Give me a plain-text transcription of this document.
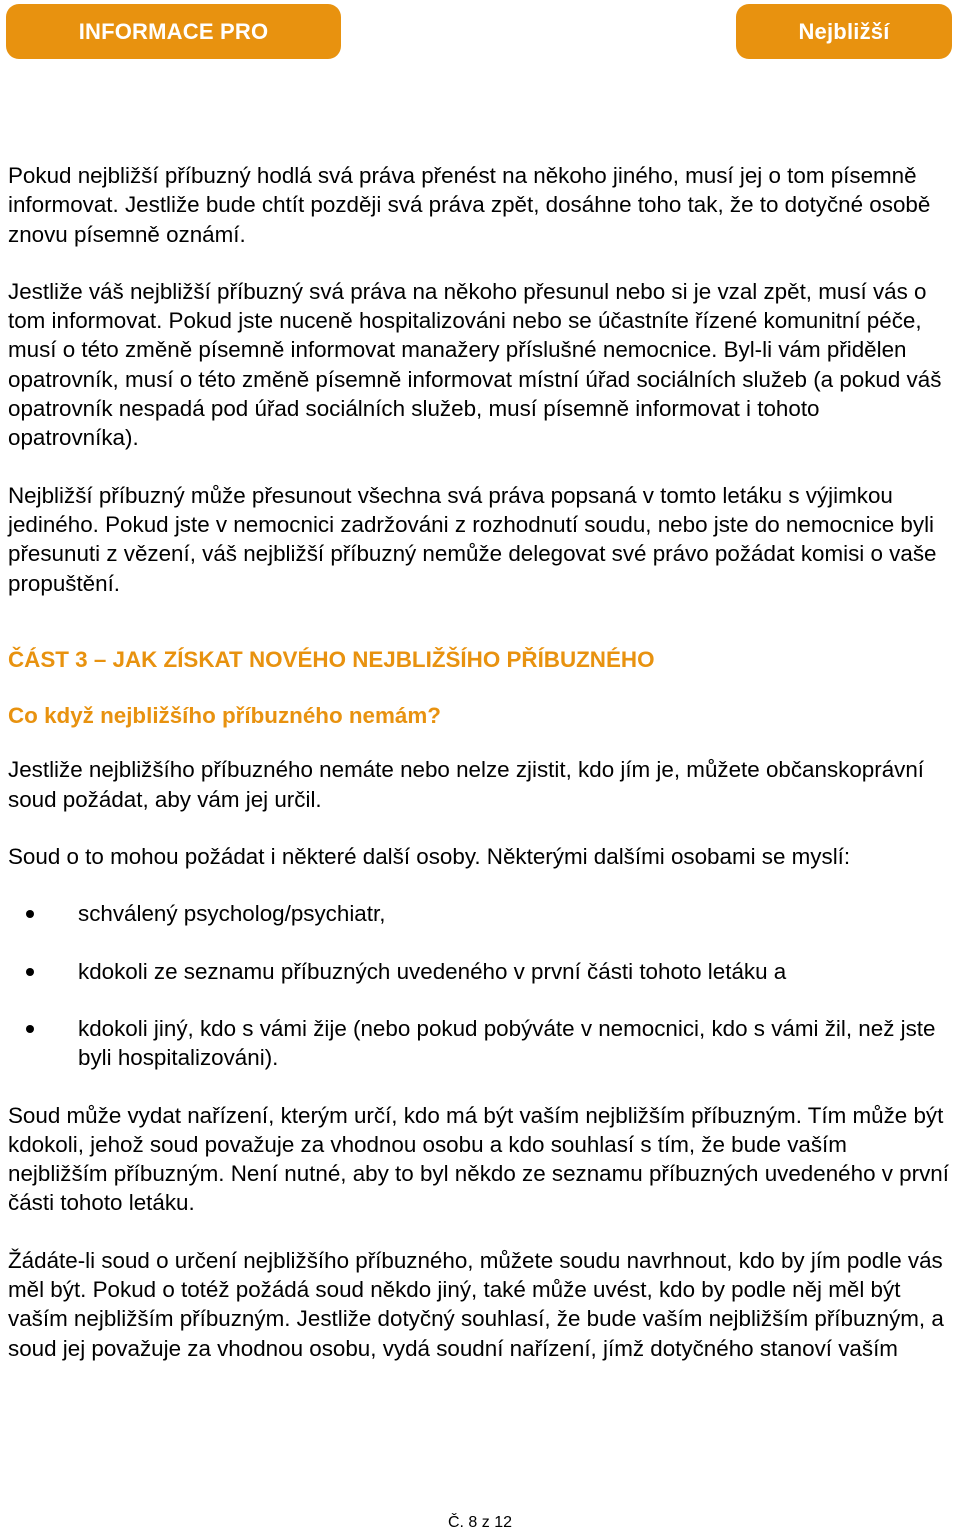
INFORMACE PRO	Nejbližší

Pokud nejbližší příbuzný hodlá svá práva přenést na někoho jiného, musí jej o tom písemně informovat. Jestliže bude chtít později svá práva zpět, dosáhne toho tak, že to dotyčné osobě znovu písemně oznámí.

Jestliže váš nejbližší příbuzný svá práva na někoho přesunul nebo si je vzal zpět, musí vás o tom informovat. Pokud jste nuceně hospitalizováni nebo se účastníte řízené komunitní péče, musí o této změně písemně informovat manažery příslušné nemocnice. Byl-li vám přidělen opatrovník, musí o této změně písemně informovat místní úřad sociálních služeb (a pokud váš opatrovník nespadá pod úřad sociálních služeb, musí písemně informovat i tohoto opatrovníka).

Nejbližší příbuzný může přesunout všechna svá práva popsaná v tomto letáku s výjimkou jediného. Pokud jste v nemocnici zadržováni z rozhodnutí soudu, nebo jste do nemocnice byli přesunuti z vězení, váš nejbližší příbuzný nemůže delegovat své právo požádat komisi o vaše propuštění.

ČÁST 3 – JAK ZÍSKAT NOVÉHO NEJBLIŽŠÍHO PŘÍBUZNÉHO
Co když nejbližšího příbuzného nemám?

Jestliže nejbližšího příbuzného nemáte nebo nelze zjistit, kdo jím je, můžete občanskoprávní soud požádat, aby vám jej určil.

Soud o to mohou požádat i některé další osoby. Některými dalšími osobami se myslí:

schválený psycholog/psychiatr,
kdokoli ze seznamu příbuzných uvedeného v první části tohoto letáku a
kdokoli jiný, kdo s vámi žije (nebo pokud pobýváte v nemocnici, kdo s vámi žil, než jste byli hospitalizováni).

Soud může vydat nařízení, kterým určí, kdo má být vaším nejbližším příbuzným. Tím může být kdokoli, jehož soud považuje za vhodnou osobu a kdo souhlasí s tím, že bude vaším nejbližším příbuzným. Není nutné, aby to byl někdo ze seznamu příbuzných uvedeného v první části tohoto letáku.

Žádáte-li soud o určení nejbližšího příbuzného, můžete soudu navrhnout, kdo by jím podle vás měl být. Pokud o totéž požádá soud někdo jiný, také může uvést, kdo by podle něj měl být vaším nejbližším příbuzným. Jestliže dotyčný souhlasí, že bude vaším nejbližším příbuzným, a soud jej považuje za vhodnou osobu, vydá soudní nařízení, jímž dotyčného stanoví vaším

Č. 8 z 12
